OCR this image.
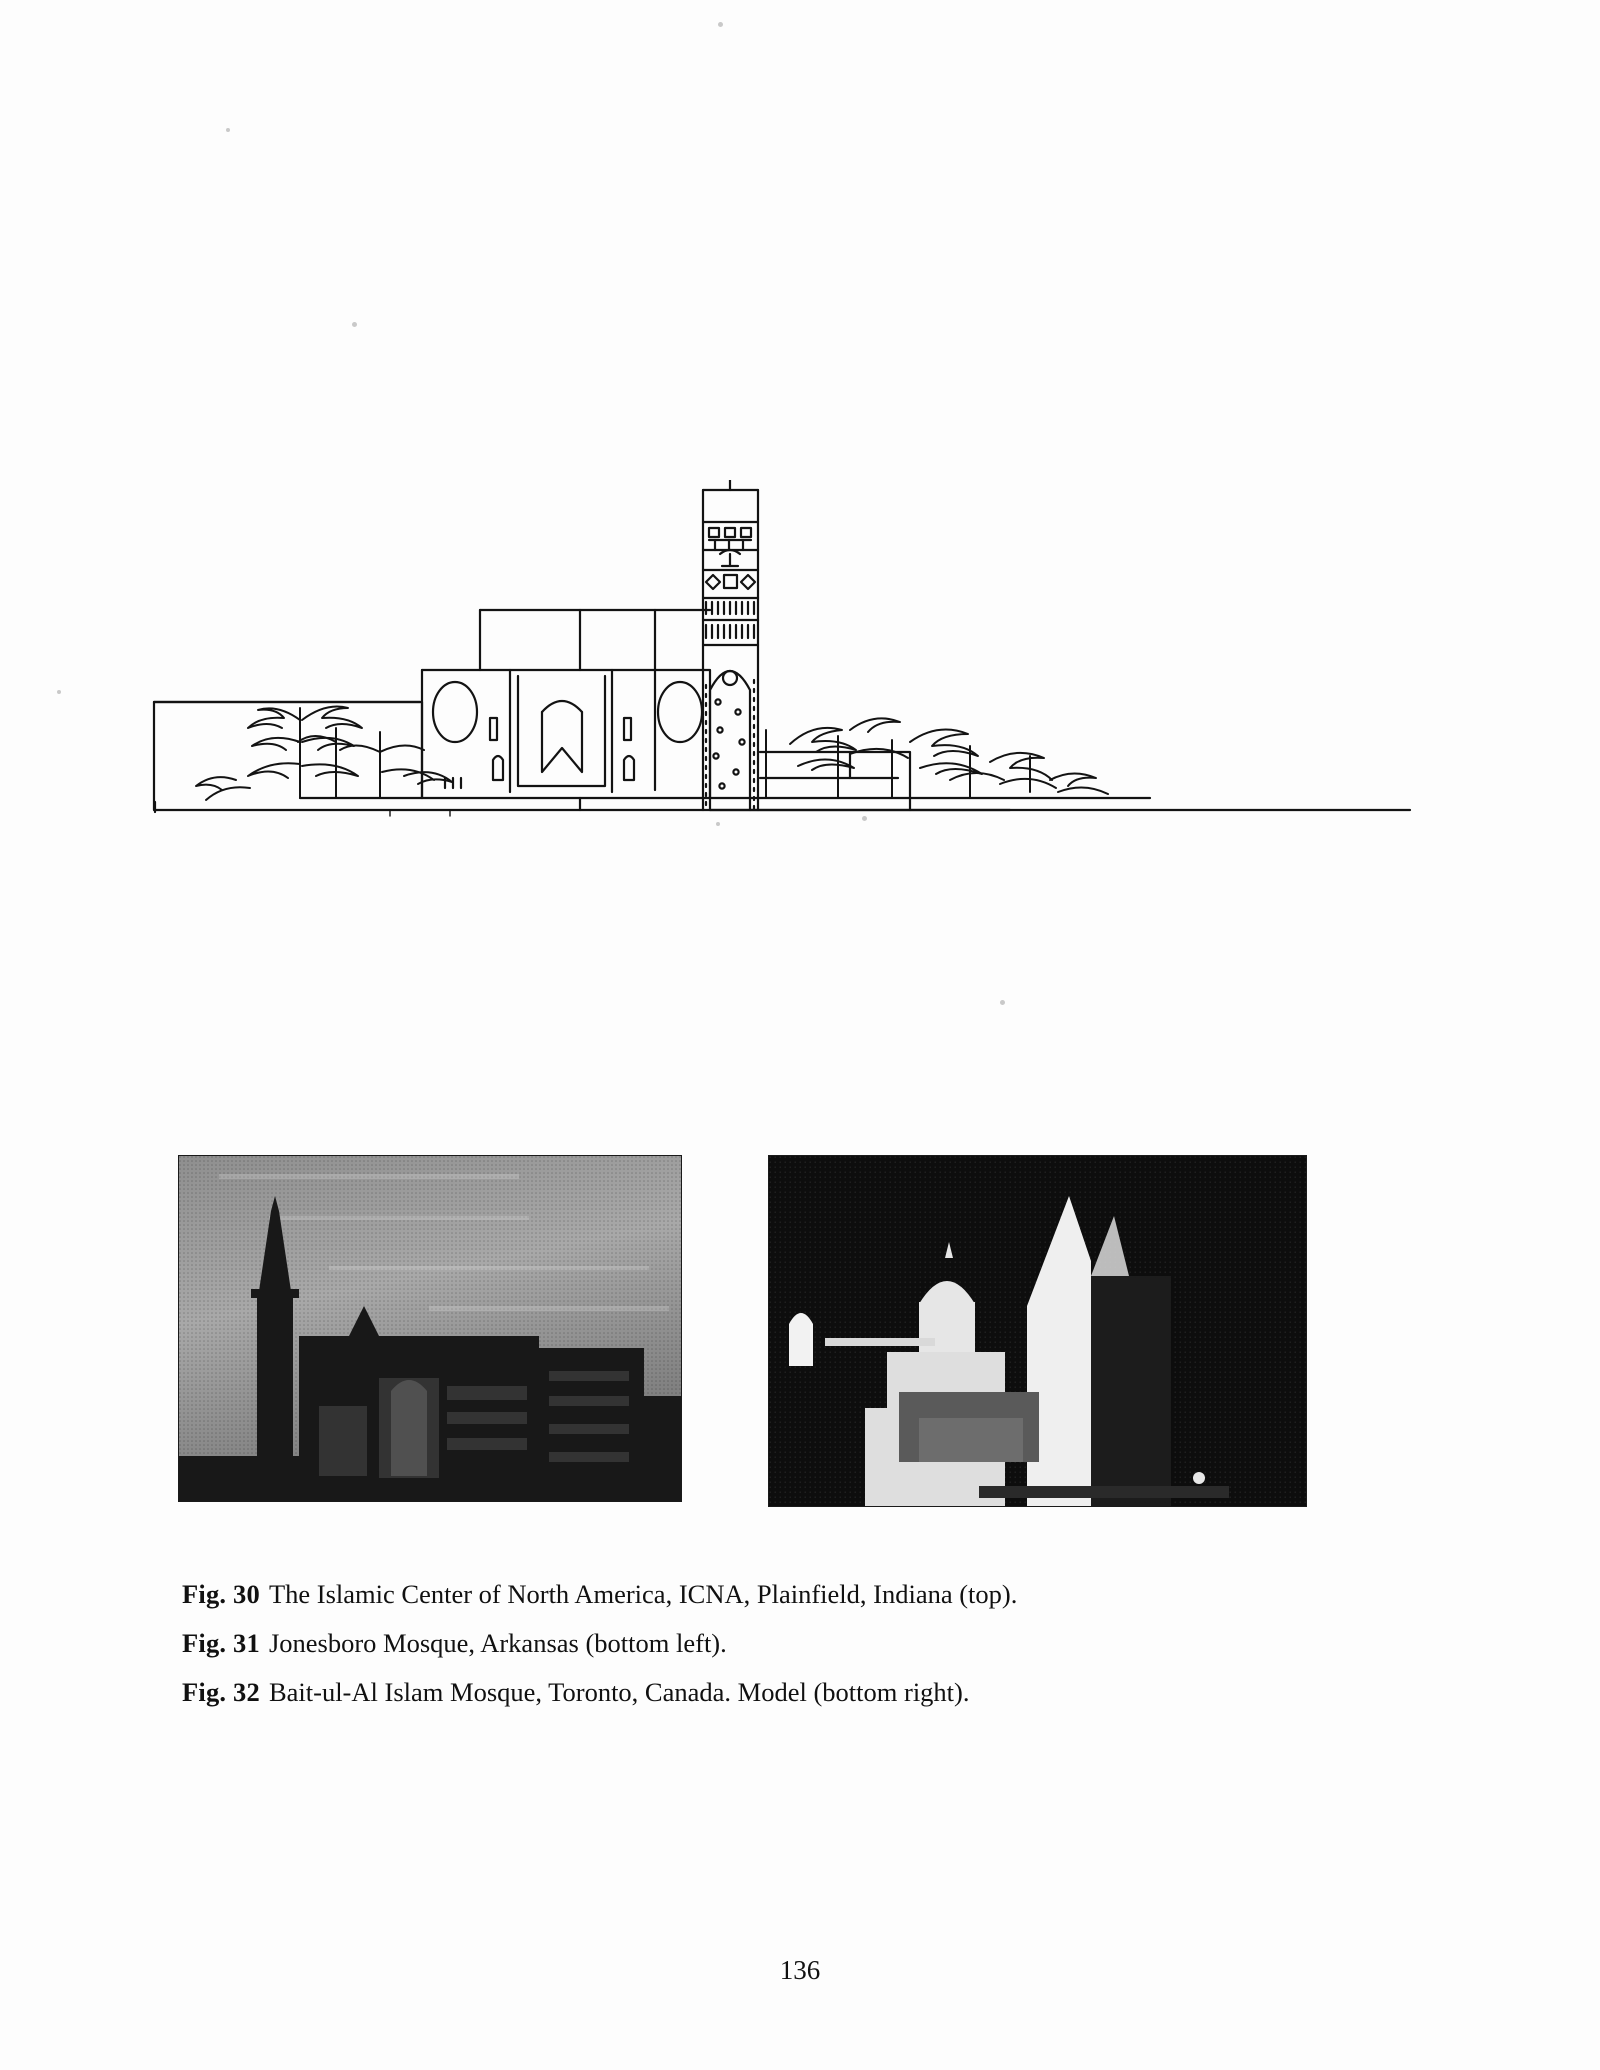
Fig. 30 The Islamic Center of North America, ICNA, Plainfield, Indiana (top).
Fig. 31 Jonesboro Mosque, Arkansas (bottom left).
Fig. 32 Bait-ul-Al Islam Mosque, Toronto, Canada. Model (bottom right).
136
